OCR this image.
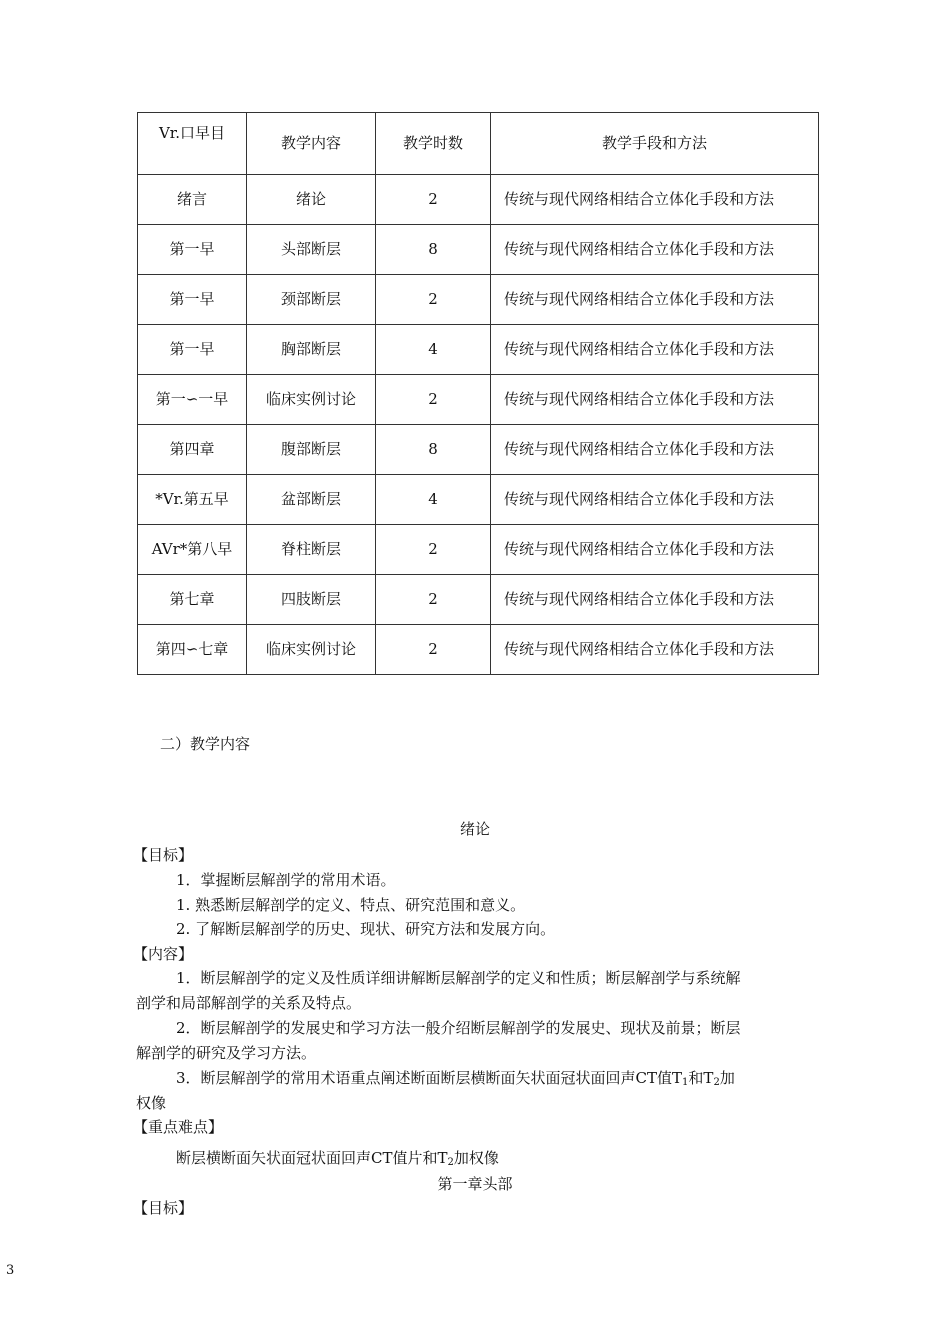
Vr.口早目	教学内容	教学时数	教学手段和方法
绪言	绪论	2	传统与现代网络相结合立体化手段和方法
第一早	头部断层	8	传统与现代网络相结合立体化手段和方法
第一早	颈部断层	2	传统与现代网络相结合立体化手段和方法
第一早	胸部断层	4	传统与现代网络相结合立体化手段和方法
第一∽一早	临床实例讨论	2	传统与现代网络相结合立体化手段和方法
第四章	腹部断层	8	传统与现代网络相结合立体化手段和方法
*Vr.第五早	盆部断层	4	传统与现代网络相结合立体化手段和方法
AVr*第八早	脊柱断层	2	传统与现代网络相结合立体化手段和方法
第七章	四肢断层	2	传统与现代网络相结合立体化手段和方法
第四∽七章	临床实例讨论	2	传统与现代网络相结合立体化手段和方法
二）教学内容
绪论
【目标】
1．掌握断层解剖学的常用术语。
1. 熟悉断层解剖学的定义、特点、研究范围和意义。
2. 了解断层解剖学的历史、现状、研究方法和发展方向。
【内容】
1．断层解剖学的定义及性质详细讲解断层解剖学的定义和性质；断层解剖学与系统解
剖学和局部解剖学的关系及特点。
2．断层解剖学的发展史和学习方法一般介绍断层解剖学的发展史、现状及前景；断层
解剖学的研究及学习方法。
3．断层解剖学的常用术语重点阐述断面断层横断面矢状面冠状面回声CT值$T_1$和$T_2$加
权像
【重点难点】
断层横断面矢状面冠状面回声CT值片和$T_2$加权像
第一章头部
【目标】
3
